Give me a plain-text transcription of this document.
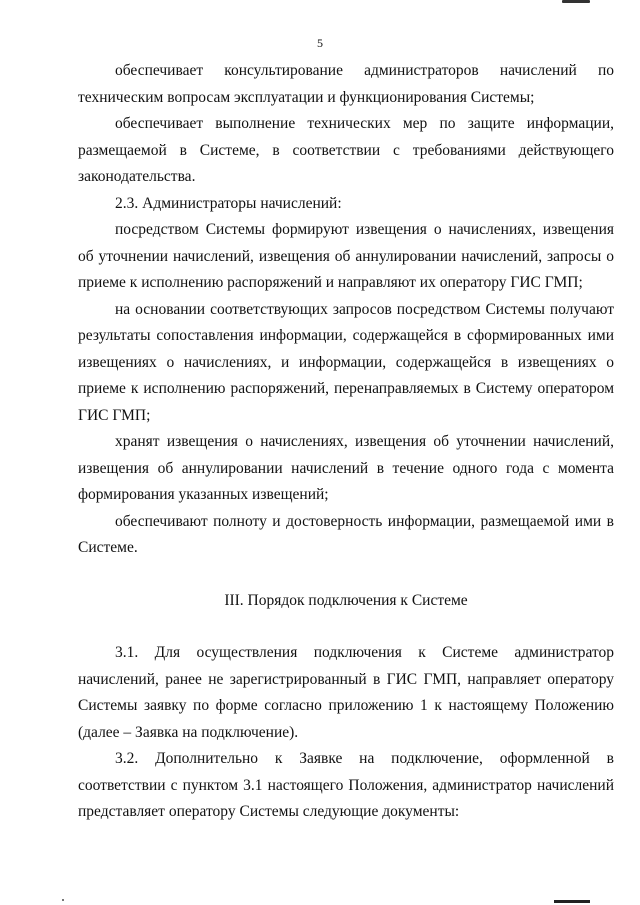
5

обеспечивает консультирование администраторов начислений по техническим вопросам эксплуатации и функционирования Системы;

обеспечивает выполнение технических мер по защите информации, размещаемой в Системе, в соответствии с требованиями действующего законодательства.

2.3. Администраторы начислений:

посредством Системы формируют извещения о начислениях, извещения об уточнении начислений, извещения об аннулировании начислений, запросы о приеме к исполнению распоряжений и направляют их оператору ГИС ГМП;

на основании соответствующих запросов посредством Системы получают результаты сопоставления информации, содержащейся в сформированных ими извещениях о начислениях, и информации, содержащейся в извещениях о приеме к исполнению распоряжений, перенаправляемых в Систему оператором ГИС ГМП;

хранят извещения о начислениях, извещения об уточнении начислений, извещения об аннулировании начислений в течение одного года с момента формирования указанных извещений;

обеспечивают полноту и достоверность информации, размещаемой ими в Системе.

III. Порядок подключения к Системе

3.1. Для осуществления подключения к Системе администратор начислений, ранее не зарегистрированный в ГИС ГМП, направляет оператору Системы заявку по форме согласно приложению 1 к настоящему Положению (далее – Заявка на подключение).

3.2. Дополнительно к Заявке на подключение, оформленной в соответствии с пунктом 3.1 настоящего Положения, администратор начислений представляет оператору Системы следующие документы:
